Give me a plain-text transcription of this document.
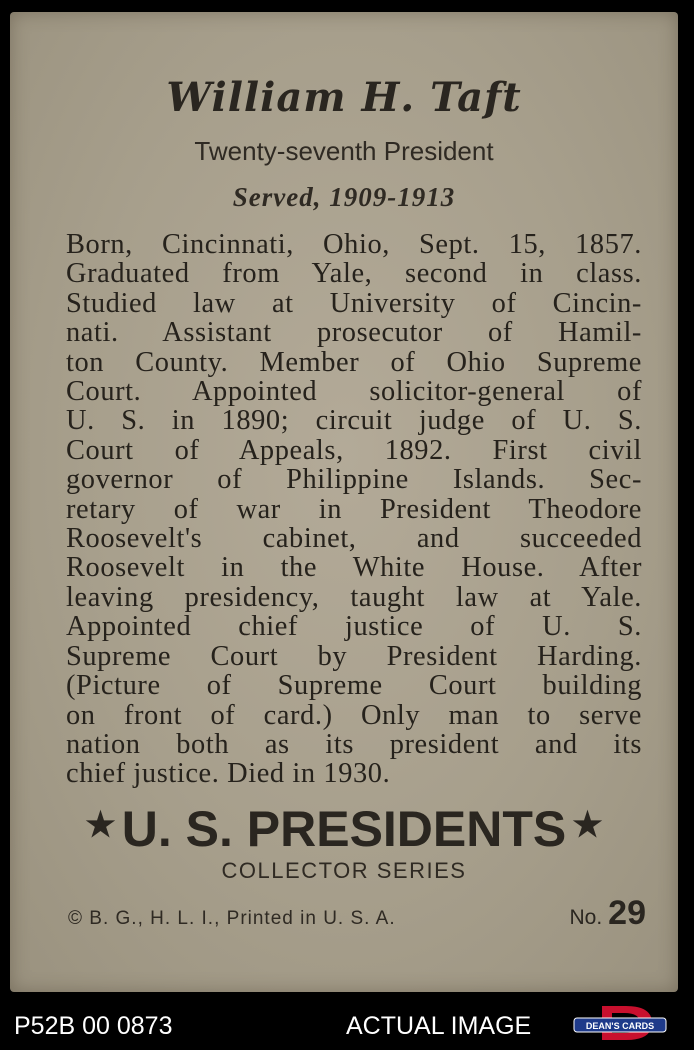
William H. Taft
Twenty-seventh President
Served, 1909-1913
Born, Cincinnati, Ohio, Sept. 15, 1857.
Graduated from Yale, second in class.
Studied law at University of Cincin-
nati. Assistant prosecutor of Hamil-
ton County. Member of Ohio Supreme
Court. Appointed solicitor-general of
U. S. in 1890; circuit judge of U. S.
Court of Appeals, 1892. First civil
governor of Philippine Islands. Sec-
retary of war in President Theodore
Roosevelt's cabinet, and succeeded
Roosevelt in the White House. After
leaving presidency, taught law at Yale.
Appointed chief justice of U. S.
Supreme Court by President Harding.
(Picture of Supreme Court building
on front of card.) Only man to serve
nation both as its president and its
chief justice. Died in 1930.
★ U. S. PRESIDENTS ★
COLLECTOR SERIES
© B. G., H. L. I., Printed in U. S. A.	No. 29
P52B 00 0873	ACTUAL IMAGE	DEAN'S CARDS
